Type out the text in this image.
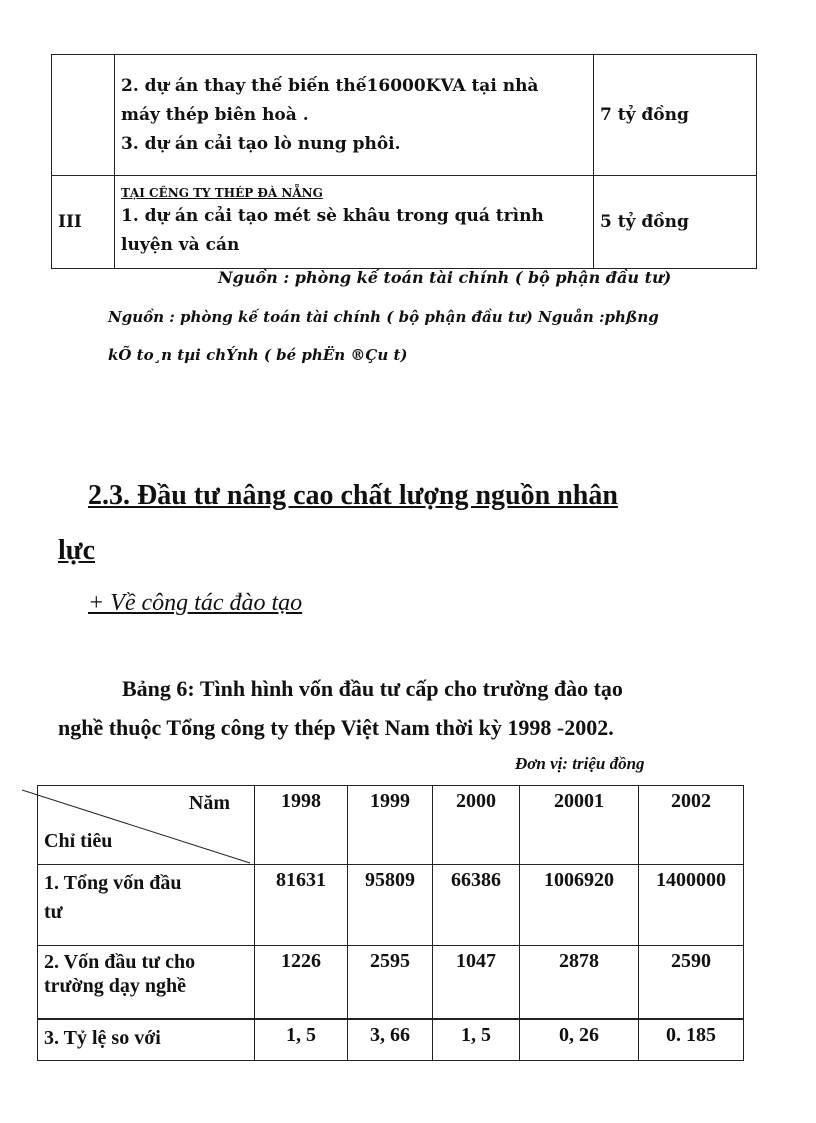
	2. dự án thay thế biến thế16000KVA tại nhà
máy thép biên hoà .
3. dự án cải tạo lò nung phôi.	7 tỷ đồng
III	TẠI CÊNG TY THÉP ĐÀ NẴNG
1. dự án cải tạo mét sè khâu trong quá trình
luyện và cán	5 tỷ đồng
Nguồn : phòng kế toán tài chính ( bộ phận đầu tư)
Nguồn : phòng kế toán tài chính ( bộ phận đầu tư) Nguån :phßng
kÕ to¸n tµi chÝnh ( bé phËn ®Çu t)
2.3. Đầu tư nâng cao chất lượng nguồn nhân
lực
+ Về công tác đào tạo
Bảng 6: Tình hình vốn đầu tư cấp cho trường đào tạo
nghề thuộc Tổng công ty thép Việt Nam thời kỳ 1998 -2002.
Đơn vị: triệu đồng
Năm
Chỉ tiêu	1998	1999	2000	20001	2002

1. Tổng vốn đầu
tư	81631	95809	66386	1006920	1400000

2. Vốn đầu tư cho
trường dạy nghề	1226	2595	1047	2878	2590

3. Tỷ lệ so với	1, 5	3, 66	1, 5	0, 26	0. 185
